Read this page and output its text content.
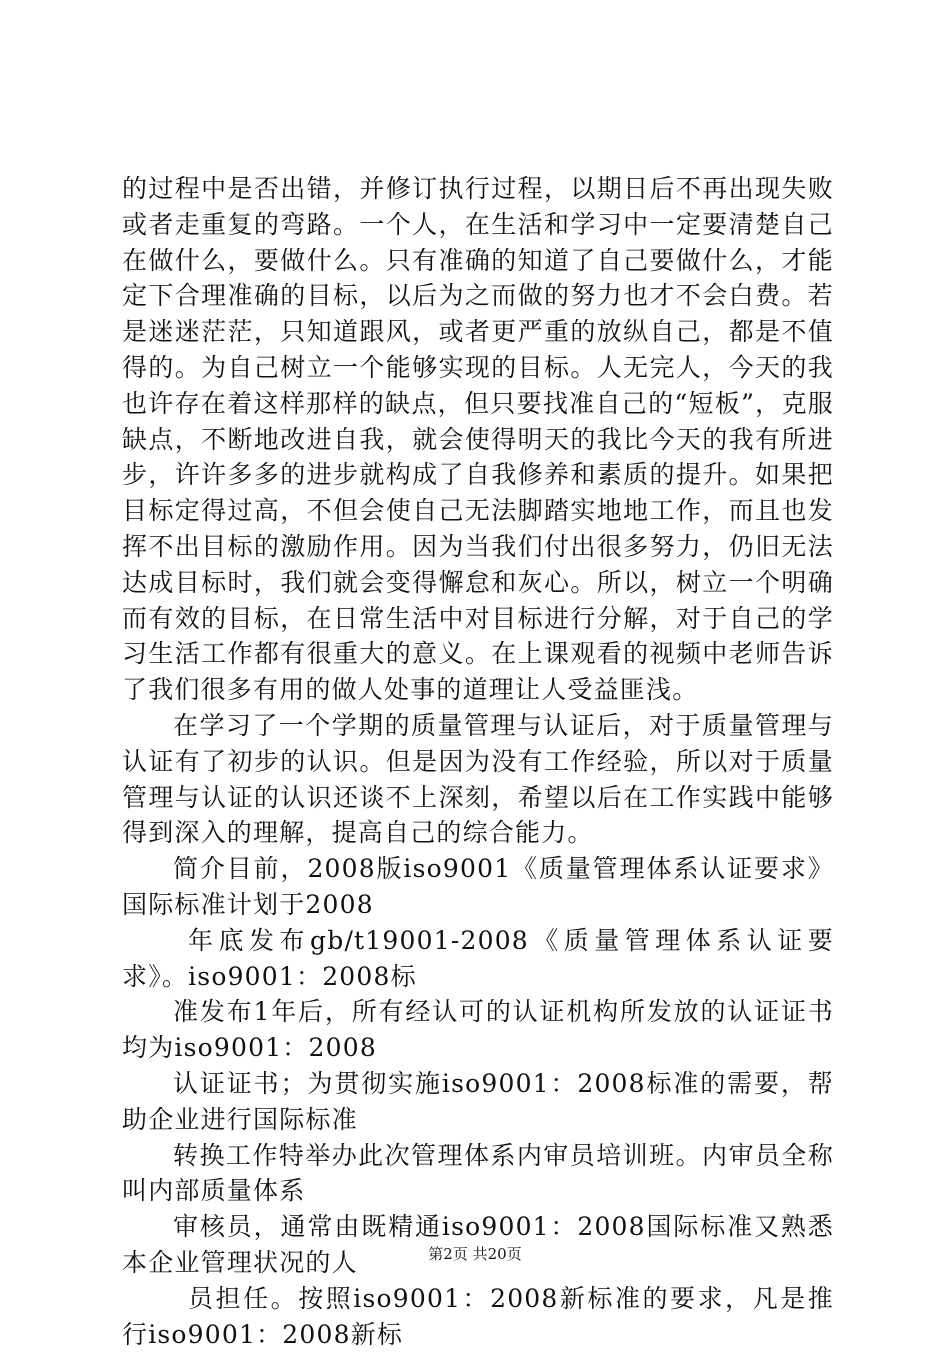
的过程中是否出错，并修订执行过程，以期日后不再出现失败或者走重复的弯路。一个人，在生活和学习中一定要清楚自己在做什么，要做什么。只有准确的知道了自己要做什么，才能定下合理准确的目标，以后为之而做的努力也才不会白费。若是迷迷茫茫，只知道跟风，或者更严重的放纵自己，都是不值得的。为自己树立一个能够实现的目标。人无完人，今天的我也许存在着这样那样的缺点，但只要找准自己的“短板”，克服缺点，不断地改进自我，就会使得明天的我比今天的我有所进步，许许多多的进步就构成了自我修养和素质的提升。如果把目标定得过高，不但会使自己无法脚踏实地地工作，而且也发挥不出目标的激励作用。因为当我们付出很多努力，仍旧无法达成目标时，我们就会变得懈怠和灰心。所以，树立一个明确而有效的目标，在日常生活中对目标进行分解，对于自己的学习生活工作都有很重大的意义。在上课观看的视频中老师告诉了我们很多有用的做人处事的道理让人受益匪浅。

在学习了一个学期的质量管理与认证后，对于质量管理与认证有了初步的认识。但是因为没有工作经验，所以对于质量管理与认证的认识还谈不上深刻，希望以后在工作实践中能够得到深入的理解，提高自己的综合能力。

简介目前，2008版iso9001《质量管理体系认证要求》国际标准计划于2008

年底发布gb/t19001-2008《质量管理体系认证要求》。iso9001：2008标

准发布1年后，所有经认可的认证机构所发放的认证证书均为iso9001：2008

认证证书；为贯彻实施iso9001：2008标准的需要，帮助企业进行国际标准

转换工作特举办此次管理体系内审员培训班。内审员全称叫内部质量体系

审核员，通常由既精通iso9001：2008国际标准又熟悉本企业管理状况的人

员担任。按照iso9001：2008新标准的要求，凡是推行iso9001：2008新标

第2页 共20页
